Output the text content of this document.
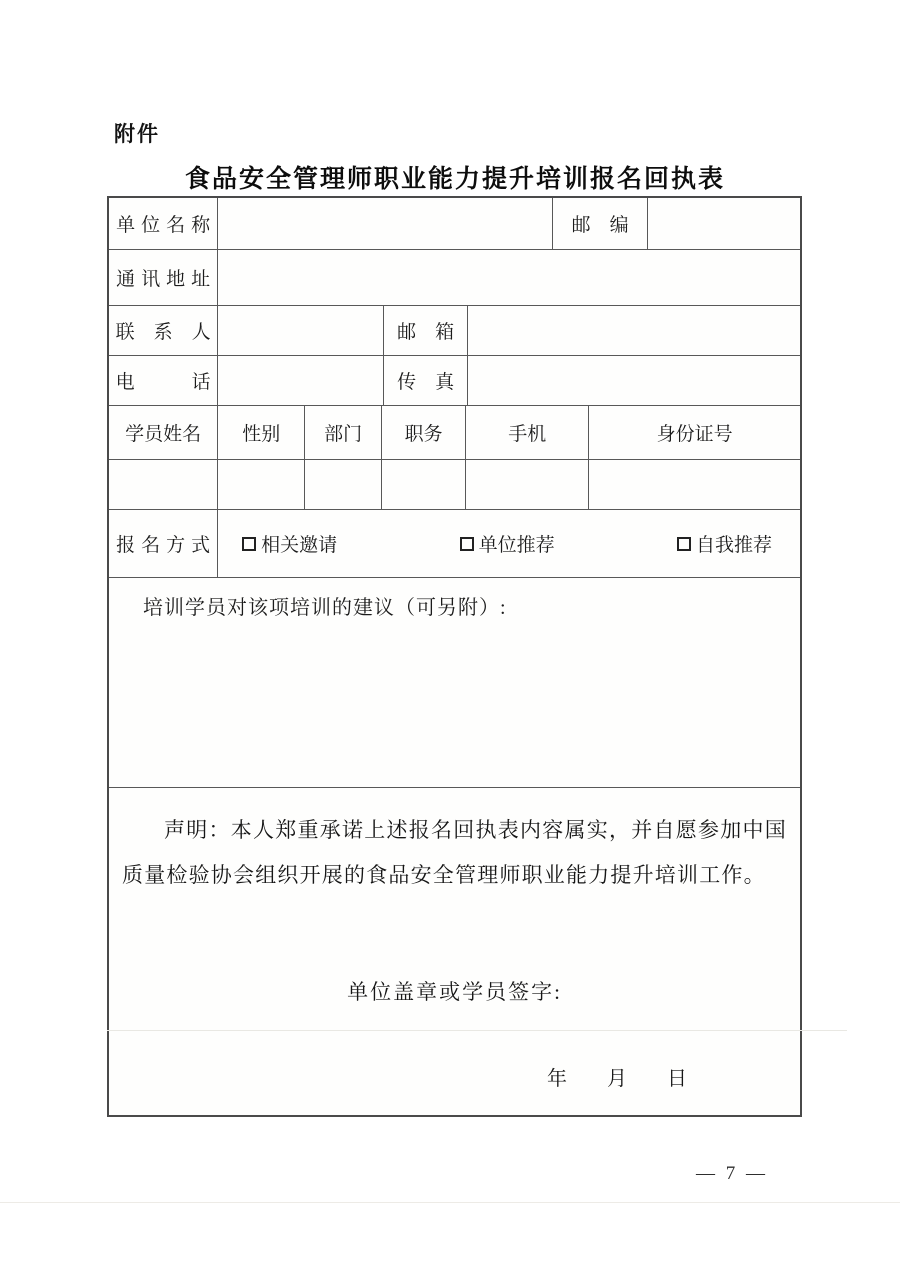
附件
食品安全管理师职业能力提升培训报名回执表
单位名称	邮　编
通讯地址
联　系　人	邮　箱
电　　　话	传　真
学员姓名 性别 部门 职务	手机	身份证号
报名方式 相关邀请	单位推荐	自我推荐
培训学员对该项培训的建议（可另附）:

声明：本人郑重承诺上述报名回执表内容属实，并自愿参加中国质量检验协会组织开展的食品安全管理师职业能力提升培训工作。

单位盖章或学员签字:
年　　月　　日
— 7 —
